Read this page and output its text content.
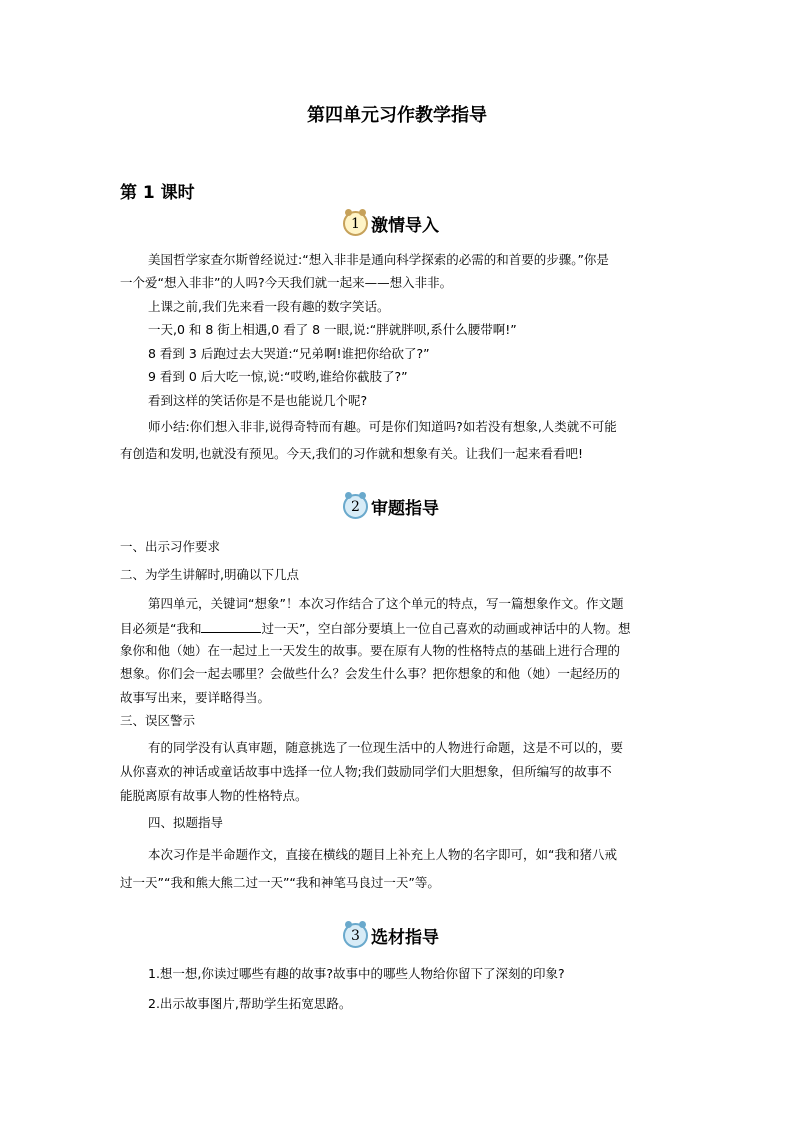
第四单元习作教学指导
第 1 课时
1 激情导入
美国哲学家查尔斯曾经说过:“想入非非是通向科学探索的必需的和首要的步骤。”你是
一个爱“想入非非”的人吗?今天我们就一起来——想入非非。
上课之前,我们先来看一段有趣的数字笑话。
一天,0 和 8 街上相遇,0 看了 8 一眼,说:“胖就胖呗,系什么腰带啊!”
8 看到 3 后跑过去大哭道:“兄弟啊!谁把你给砍了?”
9 看到 0 后大吃一惊,说:“哎哟,谁给你截肢了?”
看到这样的笑话你是不是也能说几个呢?
师小结:你们想入非非,说得奇特而有趣。可是你们知道吗?如若没有想象,人类就不可能
有创造和发明,也就没有预见。今天,我们的习作就和想象有关。让我们一起来看看吧!
2 审题指导
一、出示习作要求
二、为学生讲解时,明确以下几点
第四单元，关键词“想象”！本次习作结合了这个单元的特点，写一篇想象作文。作文题
目必须是“我和	过一天”，空白部分要填上一位自己喜欢的动画或神话中的人物。想
象你和他（她）在一起过上一天发生的故事。要在原有人物的性格特点的基础上进行合理的
想象。你们会一起去哪里？会做些什么？会发生什么事？把你想象的和他（她）一起经历的
故事写出来，要详略得当。
三、误区警示
有的同学没有认真审题，随意挑选了一位现生活中的人物进行命题，这是不可以的，要
从你喜欢的神话或童话故事中选择一位人物;我们鼓励同学们大胆想象，但所编写的故事不
能脱离原有故事人物的性格特点。
四、拟题指导
本次习作是半命题作文，直接在横线的题目上补充上人物的名字即可，如“我和猪八戒
过一天”“我和熊大熊二过一天”“我和神笔马良过一天”等。
3 选材指导
1.想一想,你读过哪些有趣的故事?故事中的哪些人物给你留下了深刻的印象?
2.出示故事图片,帮助学生拓宽思路。
